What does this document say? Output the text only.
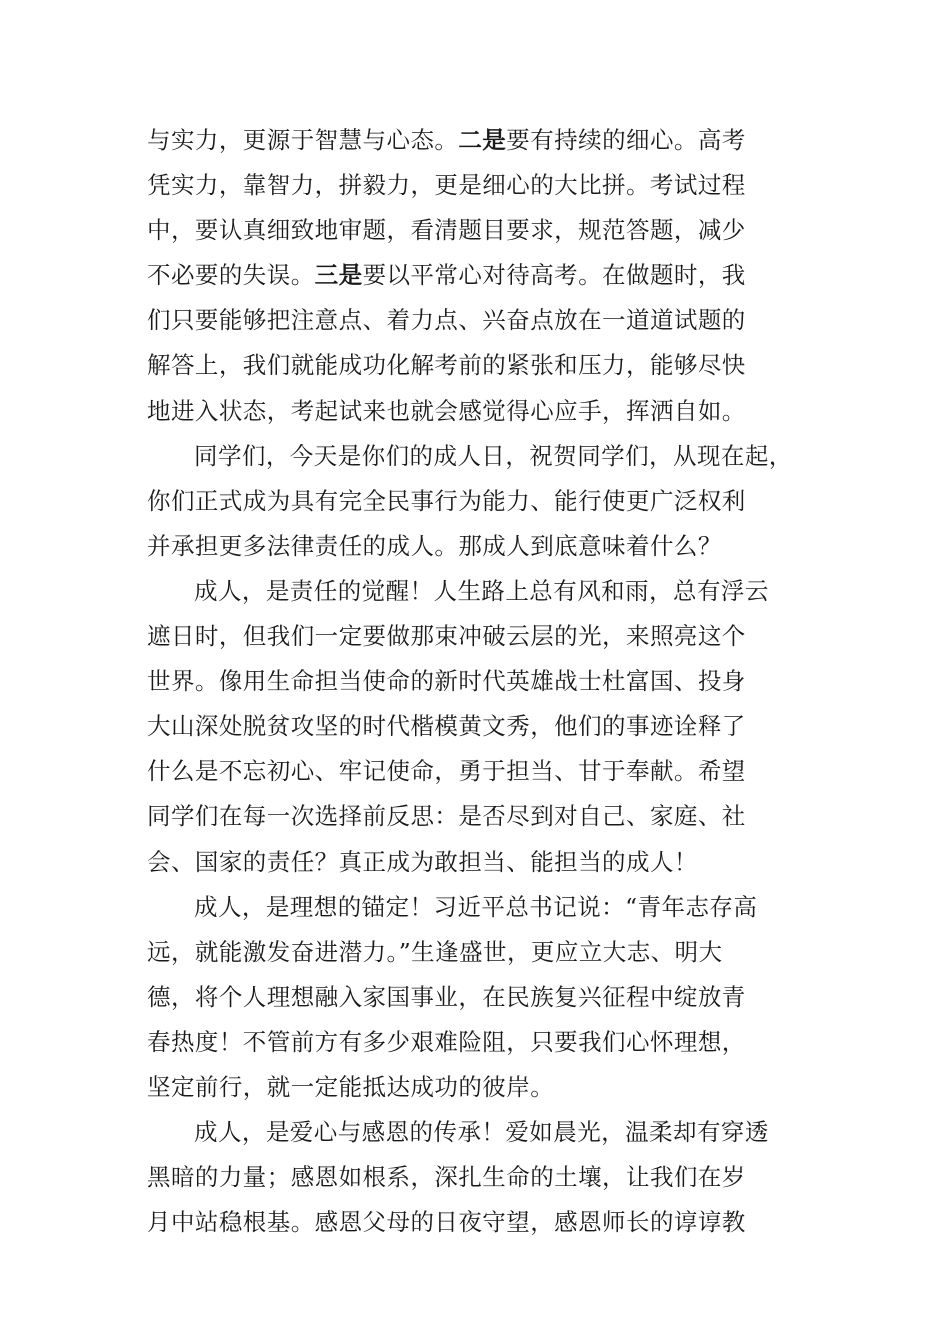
与实力，更源于智慧与心态。二是要有持续的细心。高考
凭实力，靠智力，拼毅力，更是细心的大比拼。考试过程
中，要认真细致地审题，看清题目要求，规范答题，减少
不必要的失误。三是要以平常心对待高考。在做题时，我
们只要能够把注意点、着力点、兴奋点放在一道道试题的
解答上，我们就能成功化解考前的紧张和压力，能够尽快
地进入状态，考起试来也就会感觉得心应手，挥洒自如。
同学们，今天是你们的成人日，祝贺同学们，从现在起，
你们正式成为具有完全民事行为能力、能行使更广泛权利
并承担更多法律责任的成人。那成人到底意味着什么？
成人，是责任的觉醒！人生路上总有风和雨，总有浮云
遮日时，但我们一定要做那束冲破云层的光，来照亮这个
世界。像用生命担当使命的新时代英雄战士杜富国、投身
大山深处脱贫攻坚的时代楷模黄文秀，他们的事迹诠释了
什么是不忘初心、牢记使命，勇于担当、甘于奉献。希望
同学们在每一次选择前反思：是否尽到对自己、家庭、社
会、国家的责任？真正成为敢担当、能担当的成人！
成人，是理想的锚定！习近平总书记说：“青年志存高
远，就能激发奋进潜力。”生逢盛世，更应立大志、明大
德，将个人理想融入家国事业，在民族复兴征程中绽放青
春热度！不管前方有多少艰难险阻，只要我们心怀理想，
坚定前行，就一定能抵达成功的彼岸。
成人，是爱心与感恩的传承！爱如晨光，温柔却有穿透
黑暗的力量；感恩如根系，深扎生命的土壤，让我们在岁
月中站稳根基。感恩父母的日夜守望，感恩师长的谆谆教
